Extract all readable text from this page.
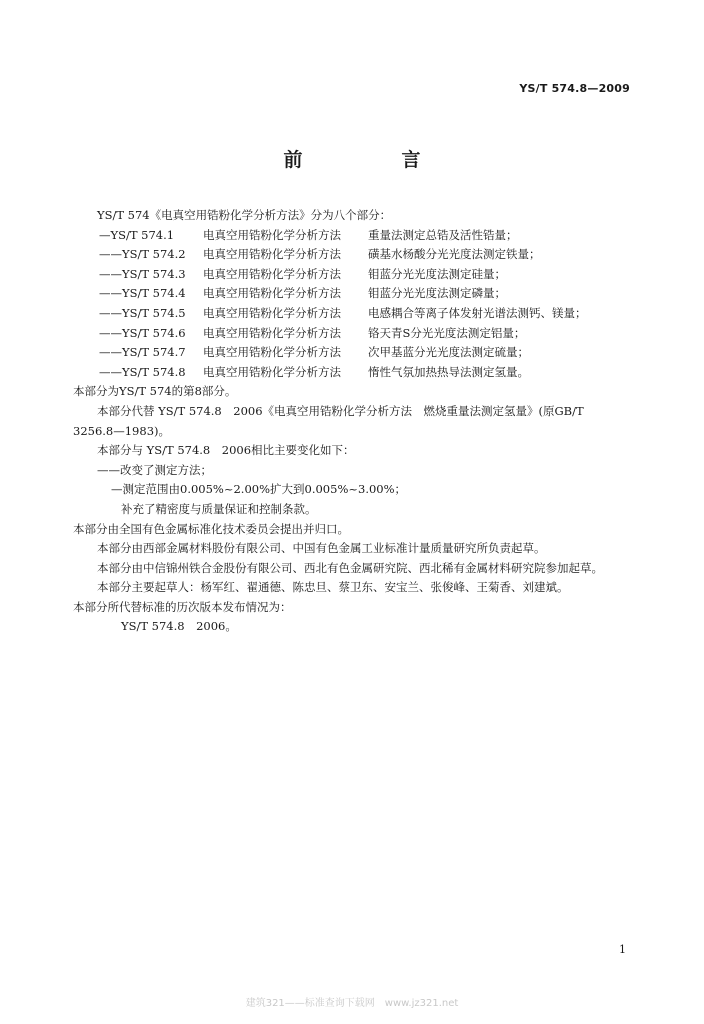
YS/T 574.8—2009
前　言
YS/T 574《电真空用锆粉化学分析方法》分为八个部分：
—YS/T 574.1	电真空用锆粉化学分析方法 重量法测定总锆及活性锆量；
——YS/T 574.2 电真空用锆粉化学分析方法 磺基水杨酸分光光度法测定铁量；
——YS/T 574.3 电真空用锆粉化学分析方法 钼蓝分光光度法测定硅量；
——YS/T 574.4 电真空用锆粉化学分析方法 钼蓝分光光度法测定磷量；
——YS/T 574.5 电真空用锆粉化学分析方法 电感耦合等离子体发射光谱法测钙、镁量；
——YS/T 574.6 电真空用锆粉化学分析方法 铬天青S分光光度法测定铝量；
——YS/T 574.7 电真空用锆粉化学分析方法 次甲基蓝分光光度法测定硫量；
——YS/T 574.8 电真空用锆粉化学分析方法 惰性气氛加热热导法测定氢量。
本部分为YS/T 574的第8部分。
本部分代替 YS/T 574.8　2006《电真空用锆粉化学分析方法　燃烧重量法测定氢量》(原GB/T 3256.8—1983)。
本部分与 YS/T 574.8　2006相比主要变化如下：
——改变了测定方法；
—测定范围由0.005%~2.00%扩大到0.005%~3.00%；
补充了精密度与质量保证和控制条款。
本部分由全国有色金属标准化技术委员会提出并归口。
本部分由西部金属材料股份有限公司、中国有色金属工业标准计量质量研究所负责起草。
本部分由中信锦州铁合金股份有限公司、西北有色金属研究院、西北稀有金属材料研究院参加起草。
本部分主要起草人：杨军红、翟通德、陈忠旦、蔡卫东、安宝兰、张俊峰、王菊香、刘建斌。
本部分所代替标准的历次版本发布情况为：
YS/T 574.8　2006。
1
建筑321——标准查询下载网　www.jz321.net
